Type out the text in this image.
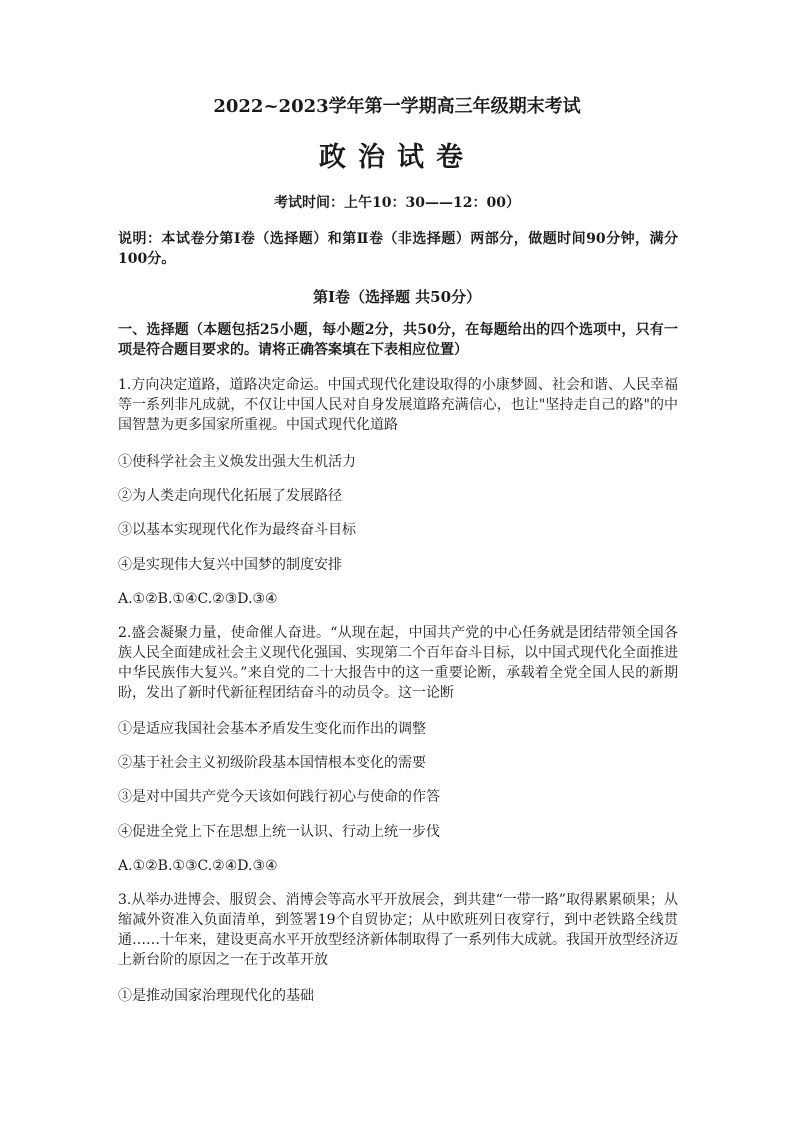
2022~2023学年第一学期高三年级期末考试
政治试卷
考试时间：上午10：30——12：00）
说明：本试卷分第Ⅰ卷（选择题）和第Ⅱ卷（非选择题）两部分，做题时间90分钟，满分100分。
第Ⅰ卷（选择题 共50分）
一、选择题（本题包括25小题，每小题2分，共50分，在每题给出的四个选项中，只有一项是符合题目要求的。请将正确答案填在下表相应位置）
1.方向决定道路，道路决定命运。中国式现代化建设取得的小康梦圆、社会和谐、人民幸福等一系列非凡成就，不仅让中国人民对自身发展道路充满信心，也让"坚持走自己的路"的中国智慧为更多国家所重视。中国式现代化道路
①使科学社会主义焕发出强大生机活力
②为人类走向现代化拓展了发展路径
③以基本实现现代化作为最终奋斗目标
④是实现伟大复兴中国梦的制度安排
A.①②B.①④C.②③D.③④
2.盛会凝聚力量，使命催人奋进。“从现在起，中国共产党的中心任务就是团结带领全国各族人民全面建成社会主义现代化强国、实现第二个百年奋斗目标，以中国式现代化全面推进中华民族伟大复兴。”来自党的二十大报告中的这一重要论断，承载着全党全国人民的新期盼，发出了新时代新征程团结奋斗的动员令。这一论断
①是适应我国社会基本矛盾发生变化而作出的调整
②基于社会主义初级阶段基本国情根本变化的需要
③是对中国共产党今天该如何践行初心与使命的作答
④促进全党上下在思想上统一认识、行动上统一步伐
A.①②B.①③C.②④D.③④
3.从举办进博会、服贸会、消博会等高水平开放展会，到共建“一带一路”取得累累硕果；从缩减外资准入负面清单，到签署19个自贸协定；从中欧班列日夜穿行，到中老铁路全线贯通……十年来，建设更高水平开放型经济新体制取得了一系列伟大成就。我国开放型经济迈上新台阶的原因之一在于改革开放
①是推动国家治理现代化的基础
